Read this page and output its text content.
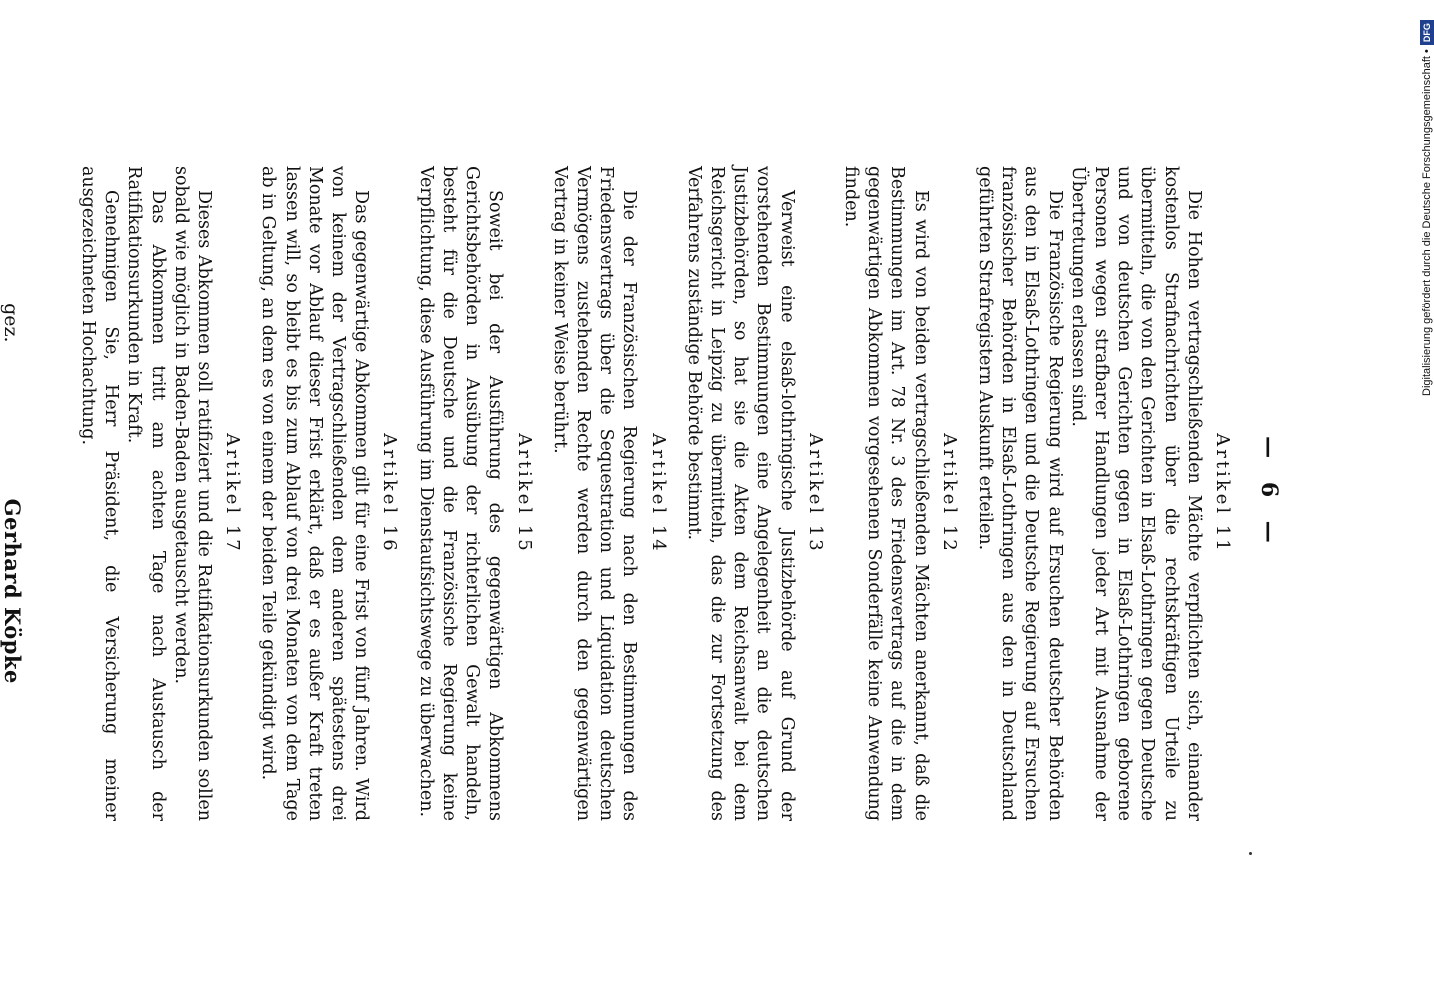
— 6 —
Artikel 11

Die Hohen vertragschließenden Mächte verpflichten sich, einander kostenlos Strafnachrichten über die rechtskräftigen Urteile zu übermitteln, die von den Gerichten in Elsaß-Lothringen gegen Deutsche und von deutschen Gerichten gegen in Elsaß-Lothringen geborene Personen wegen strafbarer Handlungen jeder Art mit Ausnahme der Übertretungen erlassen sind.

Die Französische Regierung wird auf Ersuchen deutscher Behörden aus den in Elsaß-Lothringen und die Deutsche Regierung auf Ersuchen französischer Behörden in Elsaß-Lothringen aus den in Deutschland geführten Strafregistern Auskunft erteilen.

Artikel 12

Es wird von beiden vertragschließenden Mächten anerkannt, daß die Bestimmungen im Art. 78 Nr. 3 des Friedensvertrags auf die in dem gegenwärtigen Abkommen vorgesehenen Sonderfälle keine Anwendung finden.

Artikel 13

Verweist eine elsaß-lothringische Justizbehörde auf Grund der vorstehenden Bestimmungen eine Angelegenheit an die deutschen Justizbehörden, so hat sie die Akten dem Reichsanwalt bei dem Reichsgericht in Leipzig zu übermitteln, das die zur Fortsetzung des Verfahrens zuständige Behörde bestimmt.

Artikel 14

Die der Französischen Regierung nach den Bestimmungen des Friedensvertrags über die Sequestration und Liquidation deutschen Vermögens zustehenden Rechte werden durch den gegenwärtigen Vertrag in keiner Weise berührt.

Artikel 15

Soweit bei der Ausführung des gegenwärtigen Abkommens Gerichtsbehörden in Ausübung der richterlichen Gewalt handeln, besteht für die Deutsche und die Französische Regierung keine Verpflichtung, diese Ausführung im Dienstaufsichtswege zu überwachen.

Artikel 16

Das gegenwärtige Abkommen gilt für eine Frist von fünf Jahren. Wird von keinem der Vertragschließenden dem anderen spätestens drei Monate vor Ablauf dieser Frist erklärt, daß er es außer Kraft treten lassen will, so bleibt es bis zum Ablauf von drei Monaten von dem Tage ab in Geltung, an dem es von einem der beiden Teile gekündigt wird.

Artikel 17

Dieses Abkommen soll ratifiziert und die Ratifikationsurkunden sollen sobald wie möglich in Baden-Baden ausgetauscht werden.

Das Abkommen tritt am achten Tage nach Austausch der Ratifikationsurkunden in Kraft.

Genehmigen Sie, Herr Präsident, die Versicherung meiner ausgezeichneten Hochachtung.

gez. Gerhard Köpke
Digitalisierung gefördert durch die Deutsche Forschungsgemeinschaft •
DFG
